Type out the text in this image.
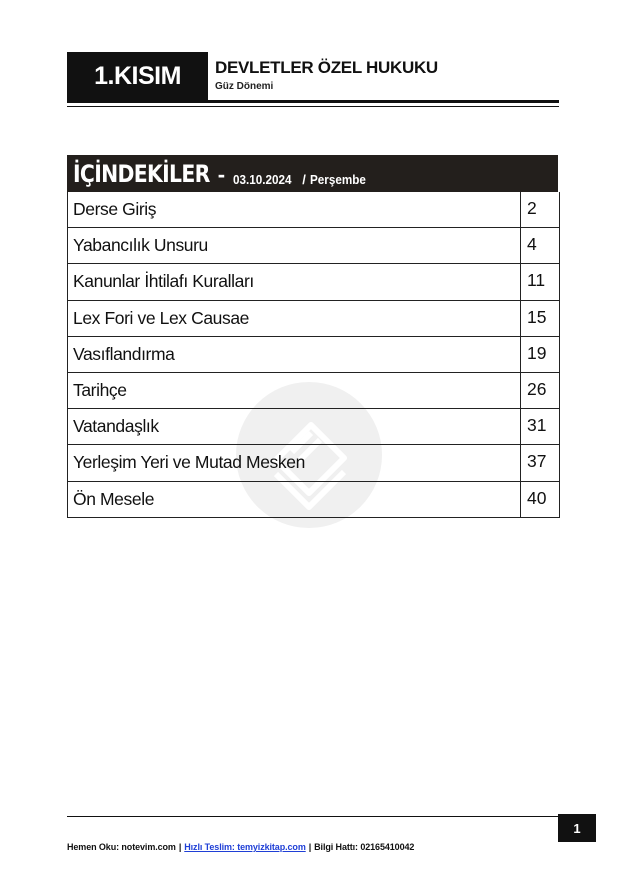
1.KISIM DEVLETLER ÖZEL HUKUKU
Güz Dönemi
İÇİNDEKİLER - 03.10.2024 / Perşembe
Derse Giriş	2
Yabancılık Unsuru	4
Kanunlar İhtilafı Kuralları	11
Lex Fori ve Lex Causae	15
Vasıflandırma	19
Tarihçe	26
Vatandaşlık	31
Yerleşim Yeri ve Mutad Mesken	37
Ön Mesele	40
1
Hemen Oku: notevim.com | Hızlı Teslim: temyizkitap.com | Bilgi Hattı: 02165410042
